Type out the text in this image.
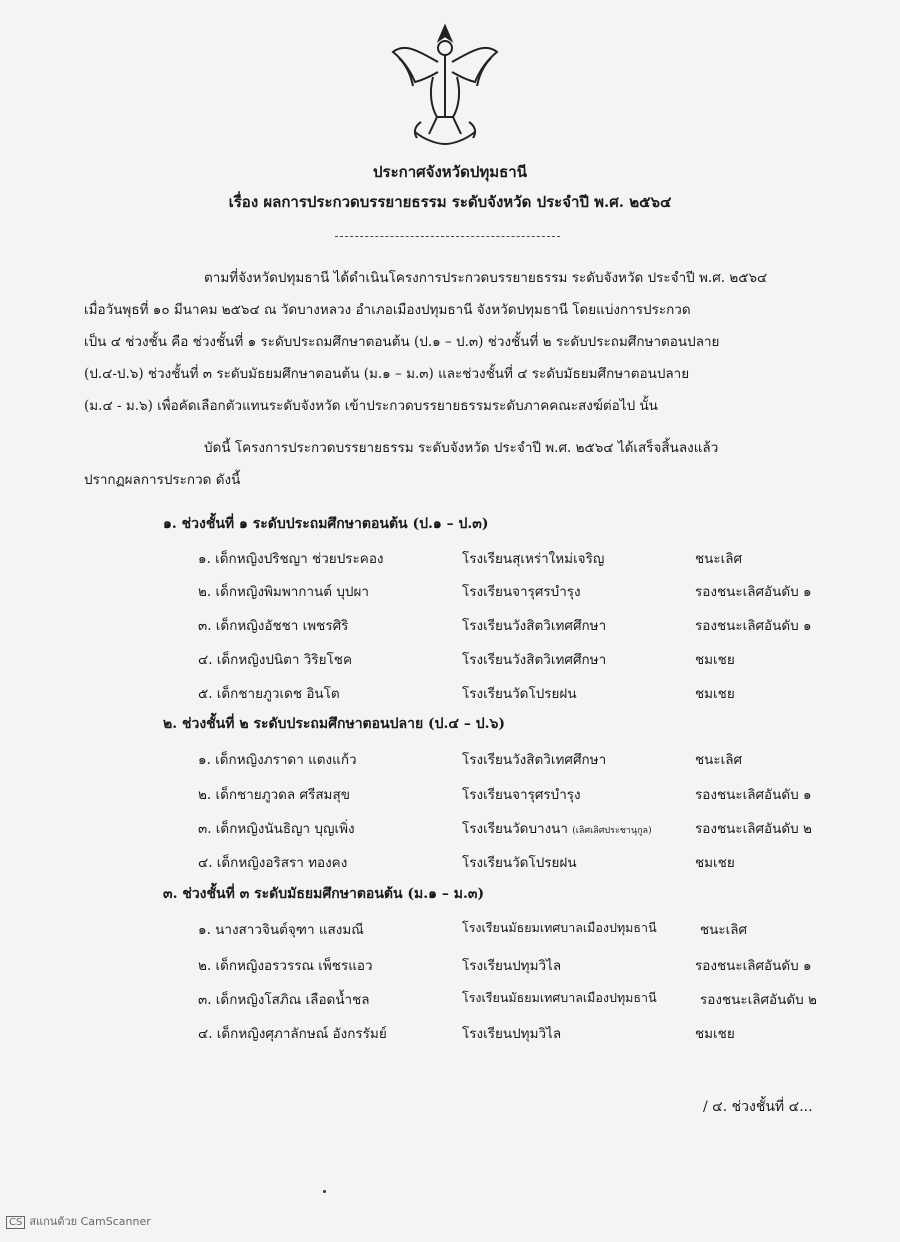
ประกาศจังหวัดปทุมธานี
เรื่อง ผลการประกวดบรรยายธรรม ระดับจังหวัด ประจำปี พ.ศ. ๒๕๖๔
ตามที่จังหวัดปทุมธานี ได้ดำเนินโครงการประกวดบรรยายธรรม ระดับจังหวัด ประจำปี พ.ศ. ๒๕๖๔
เมื่อวันพุธที่ ๑๐ มีนาคม ๒๕๖๔ ณ วัดบางหลวง อำเภอเมืองปทุมธานี จังหวัดปทุมธานี โดยแบ่งการประกวด
เป็น ๔ ช่วงชั้น คือ ช่วงชั้นที่ ๑ ระดับประถมศึกษาตอนต้น (ป.๑ – ป.๓) ช่วงชั้นที่ ๒ ระดับประถมศึกษาตอนปลาย
(ป.๔-ป.๖) ช่วงชั้นที่ ๓ ระดับมัธยมศึกษาตอนต้น (ม.๑ – ม.๓) และช่วงชั้นที่ ๔ ระดับมัธยมศึกษาตอนปลาย
(ม.๔ - ม.๖) เพื่อคัดเลือกตัวแทนระดับจังหวัด เข้าประกวดบรรยายธรรมระดับภาคคณะสงฆ์ต่อไป นั้น
บัดนี้ โครงการประกวดบรรยายธรรม ระดับจังหวัด ประจำปี พ.ศ. ๒๕๖๔ ได้เสร็จสิ้นลงแล้ว
ปรากฏผลการประกวด ดังนี้
๑. ช่วงชั้นที่ ๑ ระดับประถมศึกษาตอนต้น (ป.๑ – ป.๓)
๑. เด็กหญิงปริชญา ช่วยประคอง	โรงเรียนสุเหร่าใหม่เจริญ	ชนะเลิศ
๒. เด็กหญิงพิมพากานต์ บุปผา	โรงเรียนจารุศรบำรุง	รองชนะเลิศอันดับ ๑
๓. เด็กหญิงอัชชา เพชรศิริ	โรงเรียนวังสิตวิเทศศึกษา	รองชนะเลิศอันดับ ๑
๔. เด็กหญิงปนิตา วิริยโชค	โรงเรียนวังสิตวิเทศศึกษา	ชมเชย
๕. เด็กชายภูวเดช อินโต	โรงเรียนวัดโปรยฝน	ชมเชย
๒. ช่วงชั้นที่ ๒ ระดับประถมศึกษาตอนปลาย (ป.๔ – ป.๖)
๑. เด็กหญิงภราดา แตงแก้ว	โรงเรียนวังสิตวิเทศศึกษา	ชนะเลิศ
๒. เด็กชายภูวดล ศรีสมสุข	โรงเรียนจารุศรบำรุง	รองชนะเลิศอันดับ ๑
๓. เด็กหญิงนันธิญา บุญเพิ่ง	โรงเรียนวัดบางนา (เลิศเลิศประชานุกูล)	รองชนะเลิศอันดับ ๒
๔. เด็กหญิงอริสรา ทองคง	โรงเรียนวัดโปรยฝน	ชมเชย
๓. ช่วงชั้นที่ ๓ ระดับมัธยมศึกษาตอนต้น (ม.๑ – ม.๓)
๑. นางสาวจินต์จุฑา แสงมณี	โรงเรียนมัธยมเทศบาลเมืองปทุมธานี	ชนะเลิศ
๒. เด็กหญิงอรวรรณ เพ็ชรแอว	โรงเรียนปทุมวิไล	รองชนะเลิศอันดับ ๑
๓. เด็กหญิงโสภิณ เลือดน้ำชล	โรงเรียนมัธยมเทศบาลเมืองปทุมธานี	รองชนะเลิศอันดับ ๒
๔. เด็กหญิงศุภาลักษณ์ อังกรรัมย์	โรงเรียนปทุมวิไล	ชมเชย
/ ๔. ช่วงชั้นที่ ๔...
CS สแกนด้วย CamScanner
